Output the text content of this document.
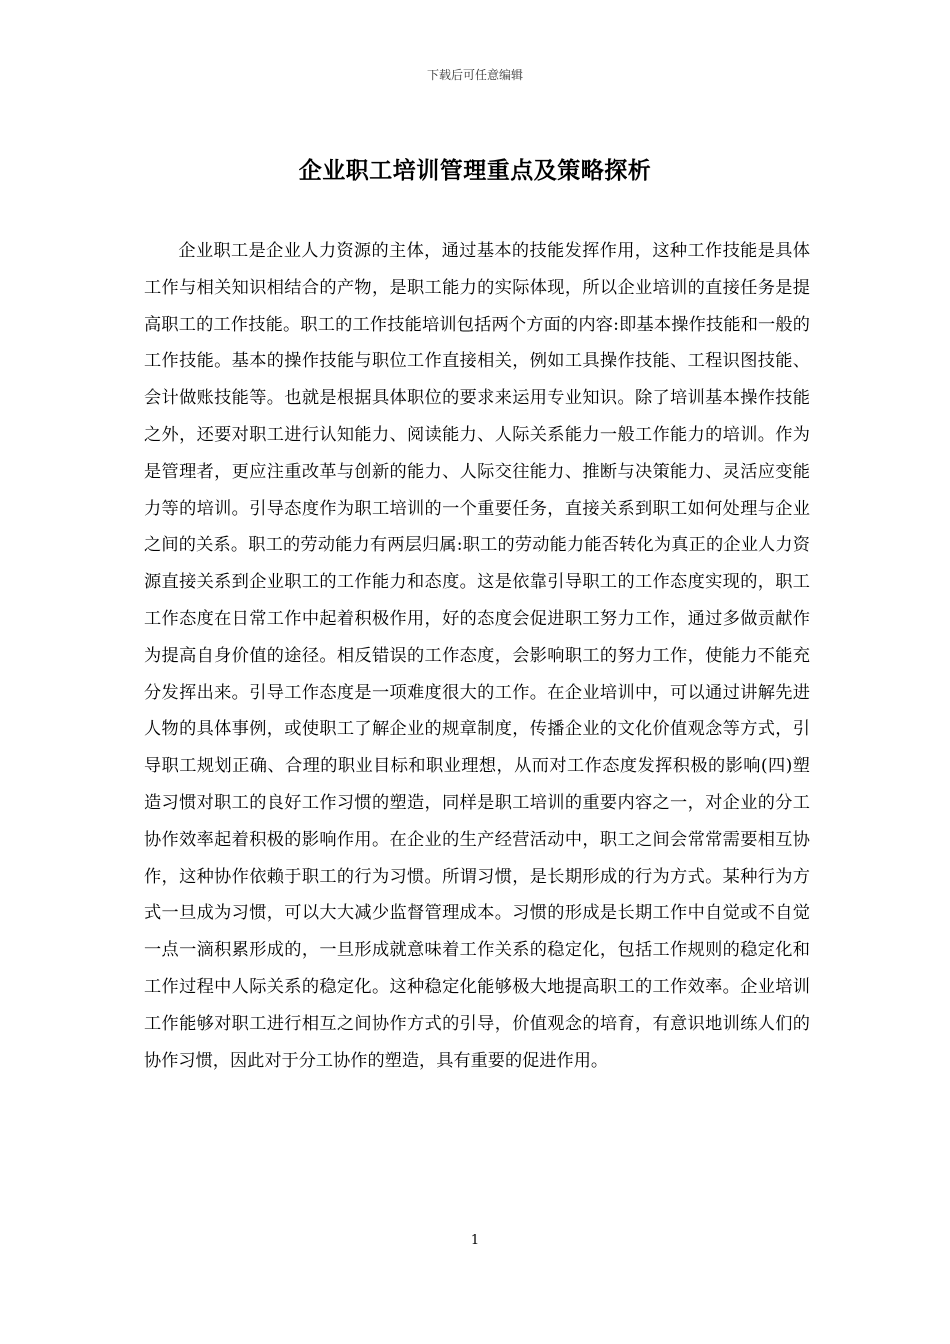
下载后可任意编辑
企业职工培训管理重点及策略探析

企业职工是企业人力资源的主体，通过基本的技能发挥作用，这种工作技能是具体工作与相关知识相结合的产物，是职工能力的实际体现，所以企业培训的直接任务是提高职工的工作技能。职工的工作技能培训包括两个方面的内容:即基本操作技能和一般的工作技能。基本的操作技能与职位工作直接相关，例如工具操作技能、工程识图技能、会计做账技能等。也就是根据具体职位的要求来运用专业知识。除了培训基本操作技能之外，还要对职工进行认知能力、阅读能力、人际关系能力一般工作能力的培训。作为是管理者，更应注重改革与创新的能力、人际交往能力、推断与决策能力、灵活应变能力等的培训。引导态度作为职工培训的一个重要任务，直接关系到职工如何处理与企业之间的关系。职工的劳动能力有两层归属:职工的劳动能力能否转化为真正的企业人力资源直接关系到企业职工的工作能力和态度。这是依靠引导职工的工作态度实现的，职工工作态度在日常工作中起着积极作用，好的态度会促进职工努力工作，通过多做贡献作为提高自身价值的途径。相反错误的工作态度，会影响职工的努力工作，使能力不能充分发挥出来。引导工作态度是一项难度很大的工作。在企业培训中，可以通过讲解先进人物的具体事例，或使职工了解企业的规章制度，传播企业的文化价值观念等方式，引导职工规划正确、合理的职业目标和职业理想，从而对工作态度发挥积极的影响(四)塑造习惯对职工的良好工作习惯的塑造，同样是职工培训的重要内容之一，对企业的分工协作效率起着积极的影响作用。在企业的生产经营活动中，职工之间会常常需要相互协作，这种协作依赖于职工的行为习惯。所谓习惯，是长期形成的行为方式。某种行为方式一旦成为习惯，可以大大减少监督管理成本。习惯的形成是长期工作中自觉或不自觉一点一滴积累形成的，一旦形成就意味着工作关系的稳定化，包括工作规则的稳定化和工作过程中人际关系的稳定化。这种稳定化能够极大地提高职工的工作效率。企业培训工作能够对职工进行相互之间协作方式的引导，价值观念的培育，有意识地训练人们的协作习惯，因此对于分工协作的塑造，具有重要的促进作用。

1
